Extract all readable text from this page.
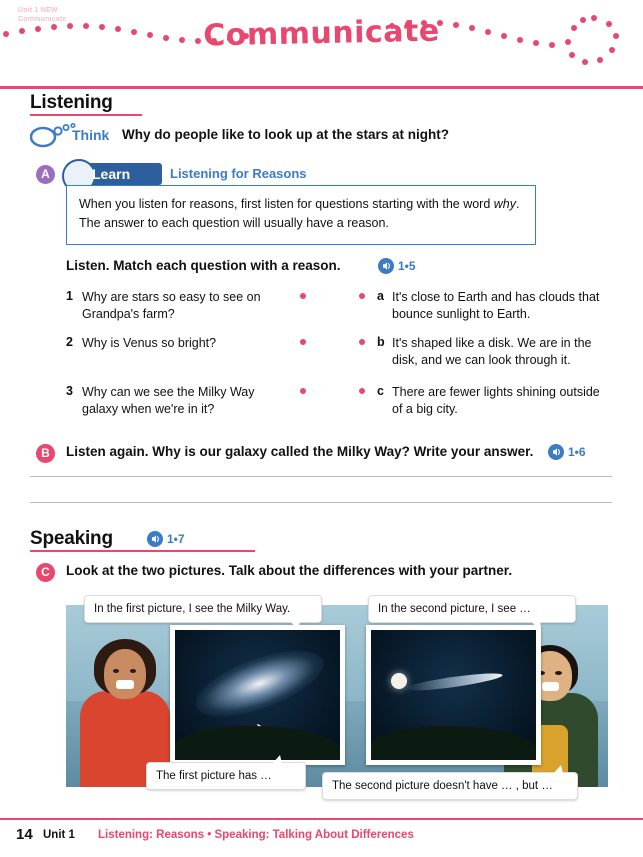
Unit 1 NEW
Communicate	Communicate
Listening
Think Why do people like to look up at the stars at night?
A	Learn	Listening for Reasons
When you listen for reasons, first listen for questions starting with the word why. The answer to each question will usually have a reason.
Listen. Match each question with a reason.	1•5
1 Why are stars so easy to see on Grandpa's farm?
2 Why is Venus so bright?
3 Why can we see the Milky Way galaxy when we're in it?
a It's close to Earth and has clouds that bounce sunlight to Earth.
b It's shaped like a disk. We are in the disk, and we can look through it.
c There are fewer lights shining outside of a big city.
B	Listen again. Why is our galaxy called the Milky Way? Write your answer.	1•6
Speaking	1•7
C	Look at the two pictures. Talk about the differences with your partner.
In the first picture, I see the Milky Way.	In the second picture, I see …
The first picture has …
The second picture doesn't have … , but …
14 Unit 1 Listening: Reasons • Speaking: Talking About Differences
